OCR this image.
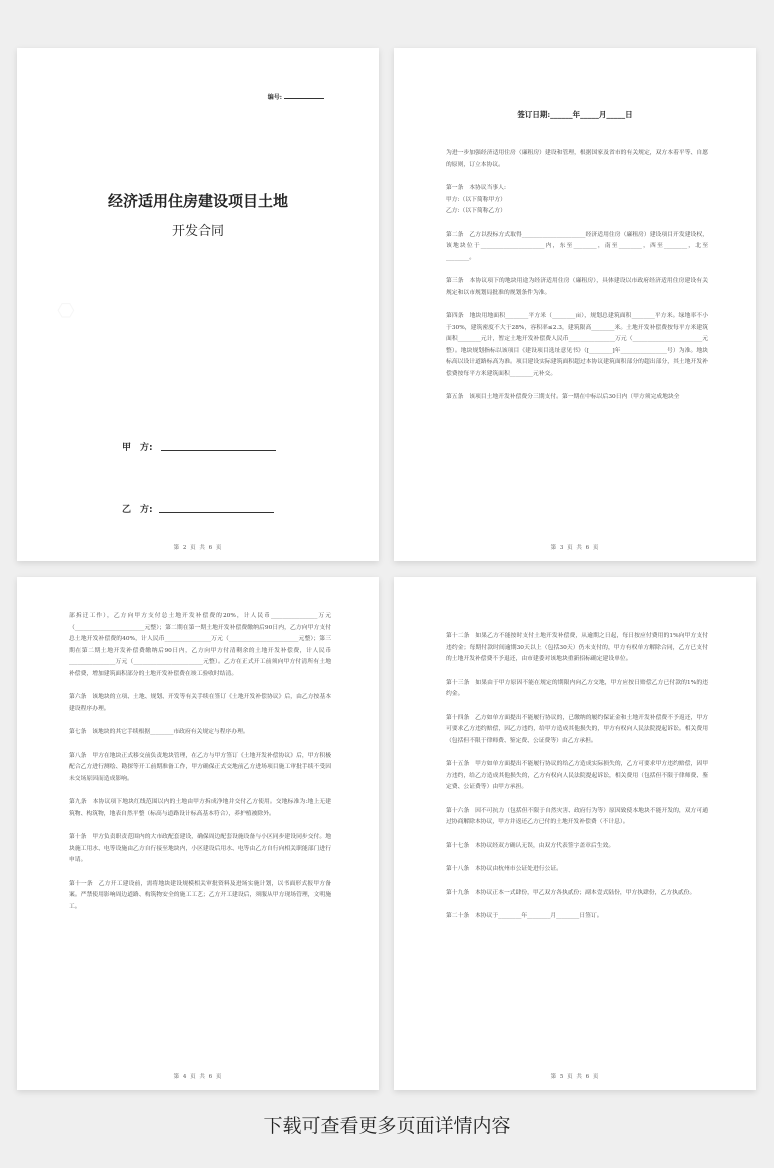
编号:
经济适用住房建设项目土地
开发合同
甲　方:
乙　方:
第 2 页 共 6 页
签订日期:______年_____月_____日

为进一步加强经济适用住房（廉租房）建设和管理，根据国家及省市的有关规定，双方本着平等、自愿的原则，订立本协议。

第一条　本协议当事人:
甲方:（以下简称甲方）
乙方:（以下简称乙方）

第二条　乙方以投标方式取得______________________经济适用住房（廉租房）建设项目开发建设权，该地块位于______________________内，东至________，南至________，西至________，北至________。

第三条　本协议项下的地块用途为经济适用住房（廉租房），具体建设以市政府经济适用住房建设有关规定和以市规划局批准的规划条件为准。

第四条　地块用地面积________平方米（________亩），规划总建筑面积________平方米。绿地率不小于30%，建筑密度不大于28%，容积率≤2.3，建筑限高________米。土地开发补偿费按每平方米建筑面积________元计，暂定土地开发补偿费人民币________________万元（________________________元整）。地块规划指标以该项目《建设项目选址意见书》（[________]年________________号）为准。地块标高以设计道路标高为准。项目建设实际建筑面积超过本协议建筑面积部分的超出部分，其土地开发补偿费按每平方米建筑面积________元补交。

第五条　该项目土地开发补偿费分三期支付。第一期在中标以后30日内（甲方须完成地块全

第 3 页 共 6 页

部拆迁工作），乙方向甲方支付总土地开发补偿费的20%，计人民币________________万元（________________________元整）；第二期在第一期土地开发补偿费缴纳后90日内，乙方向甲方支付总土地开发补偿费的40%，计人民币________________万元（________________________元整）；第三期在第二期土地开发补偿费缴纳后90日内，乙方向甲方付清剩余的土地开发补偿费，计人民币________________万元（________________________元整）。乙方在正式开工前须向甲方付清所有土地补偿费，增加建筑面积部分的土地开发补偿费在竣工验收时结清。

第六条　该地块的立项、土地、规划、开发等有关手续在签订《土地开发补偿协议》后，由乙方按基本建设程序办理。

第七条　该地块的其它手续根据________市政府有关规定与程序办理。

第八条　甲方在地块正式移交前负责地块管理，在乙方与甲方签订《土地开发补偿协议》后，甲方积极配合乙方进行测绘、勘探等开工前期准备工作，甲方确保正式交地前乙方进场项目施工审批手续不受因未交场原因而造成影响。

第九条　本协议项下地块红线范围以内的土地由甲方拆成净地并交付乙方使用。交地标准为:地上无建筑物、构筑物，地表自然平整（标高与道路设计标高基本符合），养护植被除外。

第十条　甲方负责职责范围内的大市政配套建设，确保周边配套设施设备与小区同步建设同步交付。地块施工用水、电等设施由乙方自行接至地块内，小区建设后用水、电等由乙方自行向相关职能部门进行申请。

第十一条　乙方开工建设前，需将地块建设规模相关审批资料及进场实施计划，以书面形式报甲方备案。严禁使用影响周边道路、构筑物安全的施工工艺；乙方开工建设后，须服从甲方现场管理，文明施工。

第 4 页 共 6 页

第十二条　如果乙方不能按时支付土地开发补偿费，从逾期之日起，每日按应付费用的1%向甲方支付违约金；每期付款时间逾期30天以上（包括30天）仍未支付的，甲方有权单方解除合同，乙方已支付的土地开发补偿费不予退还，由市建委对该地块重新招标确定建设单位。

第十三条　如果由于甲方原因不能在规定的期限内向乙方交地，甲方应按日赔偿乙方已付款的1%的违约金。

第十四条　乙方如单方面提出不能履行协议的，已缴纳的履约保证金和土地开发补偿费不予返还，甲方可要求乙方违约赔偿，因乙方违约，给甲方造成其他损失的，甲方有权向人民法院提起诉讼。相关费用（包括但不限于律师费、鉴定费、公证费等）由乙方承担。

第十五条　甲方如单方面提出不能履行协议的给乙方造成实际损失的，乙方可要求甲方违约赔偿，因甲方违约，给乙方造成其他损失的，乙方有权向人民法院提起诉讼，相关费用（包括但不限于律师费、鉴定费、公证费等）由甲方承担。

第十六条　因不可抗力（包括但不限于自然灾害、政府行为等）原因致使本地块不能开发的，双方可通过协商解除本协议，甲方并返还乙方已付的土地开发补偿费（不计息）。

第十七条　本协议经双方确认无误，由双方代表签字盖章后生效。

第十八条　本协议由杭州市公证处进行公证。

第十九条　本协议正本一式肆份，甲乙双方各执贰份；副本壹式陆份，甲方执肆份，乙方执贰份。

第二十条　本协议于________年________月________日签订。

第 5 页 共 6 页
下载可查看更多页面详情内容
